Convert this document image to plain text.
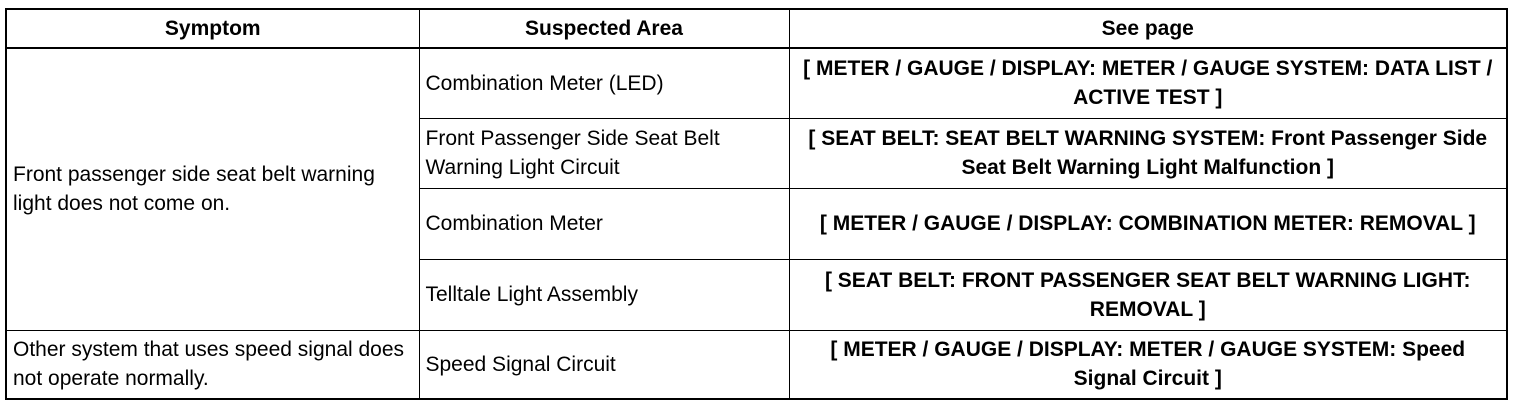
Symptom	Suspected Area	See page
Front passenger side seat belt warning light does not come on.	Combination Meter (LED)	[ METER / GAUGE / DISPLAY: METER / GAUGE SYSTEM: DATA LIST / ACTIVE TEST ]
	Front Passenger Side Seat Belt Warning Light Circuit	[ SEAT BELT: SEAT BELT WARNING SYSTEM: Front Passenger Side Seat Belt Warning Light Malfunction ]
	Combination Meter	[ METER / GAUGE / DISPLAY: COMBINATION METER: REMOVAL ]
	Telltale Light Assembly	[ SEAT BELT: FRONT PASSENGER SEAT BELT WARNING LIGHT: REMOVAL ]
Other system that uses speed signal does not operate normally.	Speed Signal Circuit	[ METER / GAUGE / DISPLAY: METER / GAUGE SYSTEM: Speed Signal Circuit ]
